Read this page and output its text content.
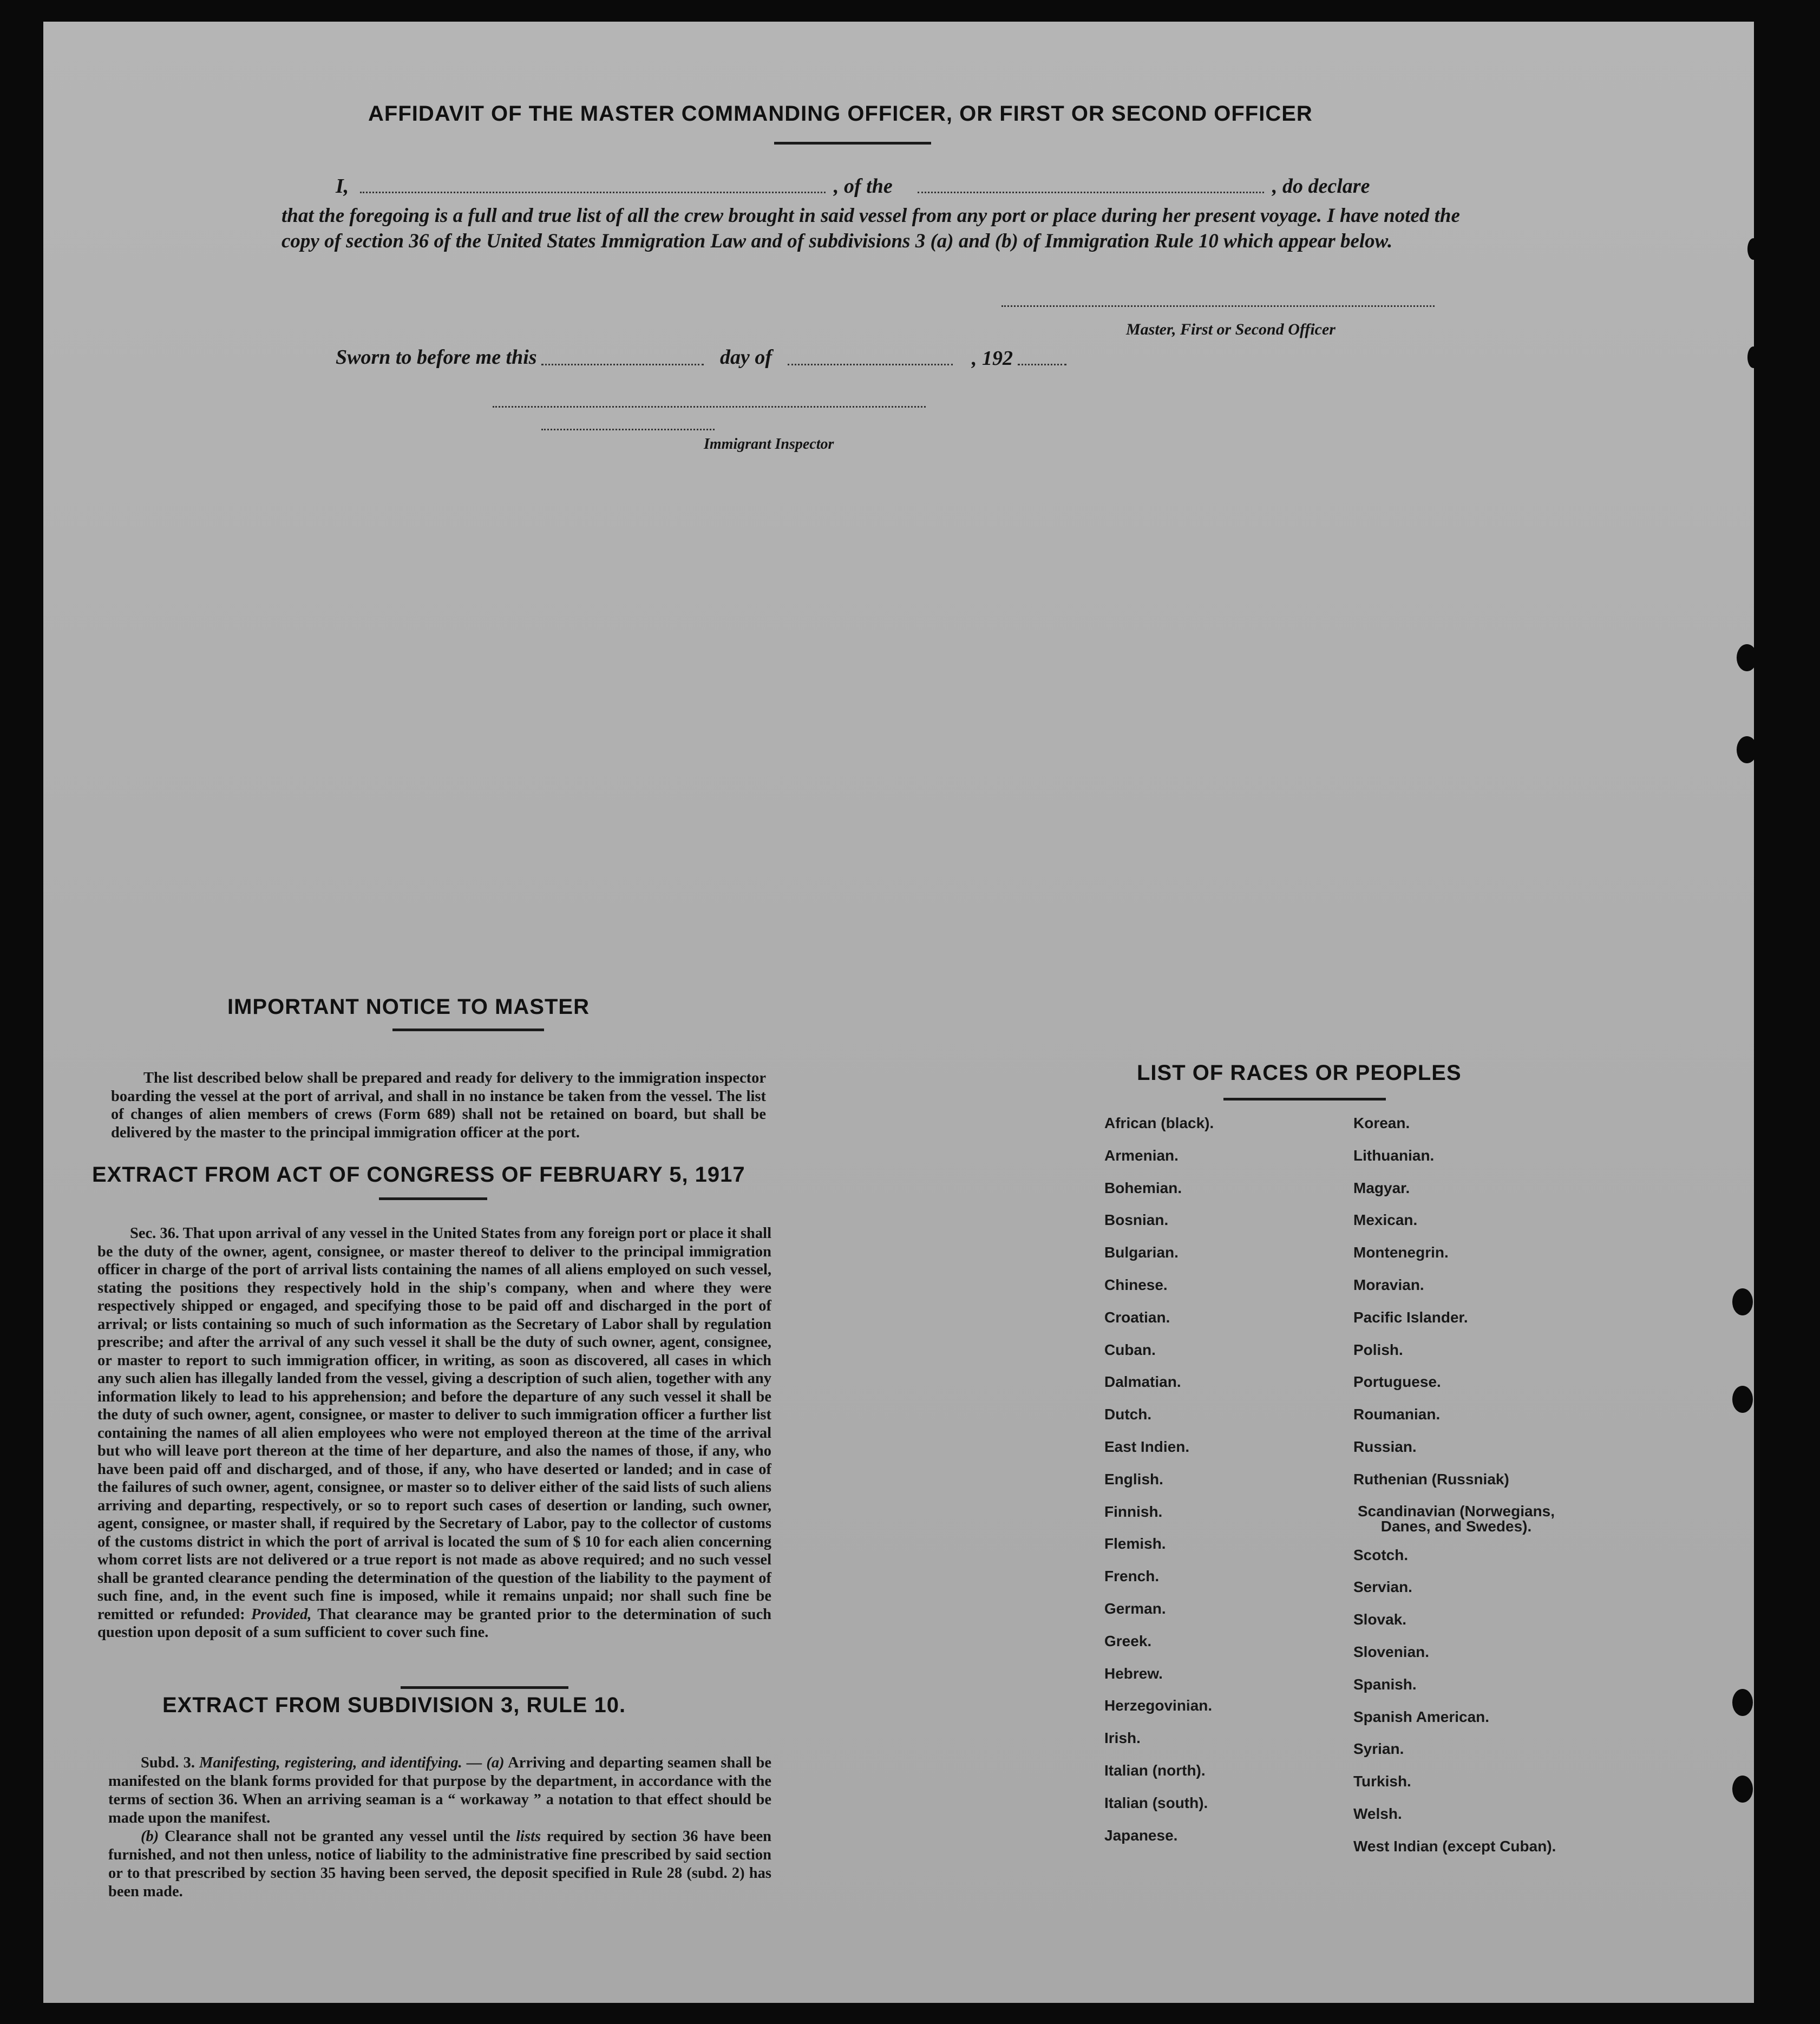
AFFIDAVIT OF THE MASTER COMMANDING OFFICER, OR FIRST OR SECOND OFFICER
I,	, of the	, do declare
that the foregoing is a full and true list of all the crew brought in said vessel from any port or place during her present voyage. I have noted the copy of section 36 of the United States Immigration Law and of subdivisions 3 (a) and (b) of Immigration Rule 10 which appear below.
Master, First or Second Officer
Sworn to before me this	day of	, 192
Immigrant Inspector
IMPORTANT NOTICE TO MASTER
The list described below shall be prepared and ready for delivery to the immigration inspector boarding the vessel at the port of arrival, and shall in no instance be taken from the vessel. The list of changes of alien members of crews (Form 689) shall not be retained on board, but shall be delivered by the master to the principal immigration officer at the port.
EXTRACT FROM ACT OF CONGRESS OF FEBRUARY 5, 1917
Sec. 36. That upon arrival of any vessel in the United States from any foreign port or place it shall be the duty of the owner, agent, consignee, or master thereof to deliver to the principal immigration officer in charge of the port of arrival lists containing the names of all aliens employed on such vessel, stating the positions they respectively hold in the ship's company, when and where they were respectively shipped or engaged, and specifying those to be paid off and discharged in the port of arrival; or lists containing so much of such information as the Secretary of Labor shall by regulation prescribe; and after the arrival of any such vessel it shall be the duty of such owner, agent, consignee, or master to report to such immigration officer, in writing, as soon as discovered, all cases in which any such alien has illegally landed from the vessel, giving a description of such alien, together with any information likely to lead to his apprehension; and before the departure of any such vessel it shall be the duty of such owner, agent, consignee, or master to deliver to such immigration officer a further list containing the names of all alien employees who were not employed thereon at the time of the arrival but who will leave port thereon at the time of her departure, and also the names of those, if any, who have been paid off and discharged, and of those, if any, who have deserted or landed; and in case of the failures of such owner, agent, consignee, or master so to deliver either of the said lists of such aliens arriving and departing, respectively, or so to report such cases of desertion or landing, such owner, agent, consignee, or master shall, if required by the Secretary of Labor, pay to the collector of customs of the customs district in which the port of arrival is located the sum of $ 10 for each alien concerning whom corret lists are not delivered or a true report is not made as above required; and no such vessel shall be granted clearance pending the determination of the question of the liability to the payment of such fine, and, in the event such fine is imposed, while it remains unpaid; nor shall such fine be remitted or refunded: Provided, That clearance may be granted prior to the determination of such question upon deposit of a sum sufficient to cover such fine.
EXTRACT FROM SUBDIVISION 3, RULE 10.
Subd. 3. Manifesting, registering, and identifying. — (a) Arriving and departing seamen shall be manifested on the blank forms provided for that purpose by the department, in accordance with the terms of section 36. When an arriving seaman is a “ workaway ” a notation to that effect should be made upon the manifest.
(b) Clearance shall not be granted any vessel until the lists required by section 36 have been furnished, and not then unless, notice of liability to the administrative fine prescribed by said section or to that prescribed by section 35 having been served, the deposit specified in Rule 28 (subd. 2) has been made.
LIST OF RACES OR PEOPLES
African (black).
Armenian.
Bohemian.
Bosnian.
Bulgarian.
Chinese.
Croatian.
Cuban.
Dalmatian.
Dutch.
East Indien.
English.
Finnish.
Flemish.
French.
German.
Greek.
Hebrew.
Herzegovinian.
Irish.
Italian (north).
Italian (south).
Japanese.
Korean.
Lithuanian.
Magyar.
Mexican.
Montenegrin.
Moravian.
Pacific Islander.
Polish.
Portuguese.
Roumanian.
Russian.
Ruthenian (Russniak)
Scandinavian (Norwegians, Danes, and Swedes).
Scotch.
Servian.
Slovak.
Slovenian.
Spanish.
Spanish American.
Syrian.
Turkish.
Welsh.
West Indian (except Cuban).
